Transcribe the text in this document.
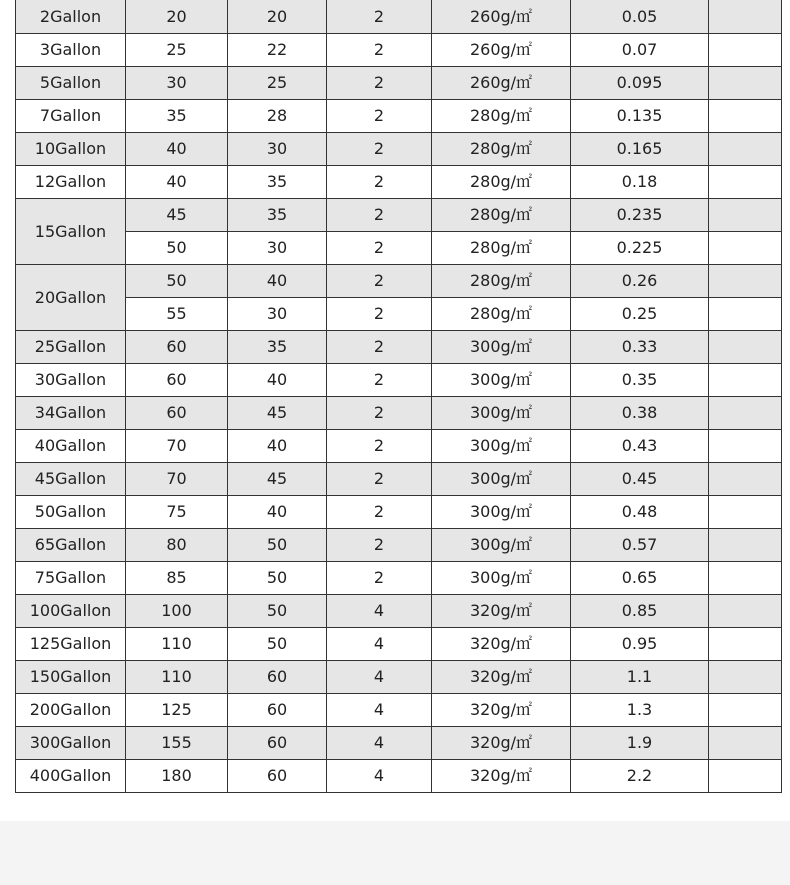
2Gallon	20	20	2	260g/㎡	0.05	
3Gallon	25	22	2	260g/㎡	0.07	
5Gallon	30	25	2	260g/㎡	0.095	
7Gallon	35	28	2	280g/㎡	0.135	
10Gallon	40	30	2	280g/㎡	0.165	
12Gallon	40	35	2	280g/㎡	0.18	
15Gallon	45	35	2	280g/㎡	0.235	
	50	30	2	280g/㎡	0.225	
20Gallon	50	40	2	280g/㎡	0.26	
	55	30	2	280g/㎡	0.25	
25Gallon	60	35	2	300g/㎡	0.33	
30Gallon	60	40	2	300g/㎡	0.35	
34Gallon	60	45	2	300g/㎡	0.38	
40Gallon	70	40	2	300g/㎡	0.43	
45Gallon	70	45	2	300g/㎡	0.45	
50Gallon	75	40	2	300g/㎡	0.48	
65Gallon	80	50	2	300g/㎡	0.57	
75Gallon	85	50	2	300g/㎡	0.65	
100Gallon	100	50	4	320g/㎡	0.85	
125Gallon	110	50	4	320g/㎡	0.95	
150Gallon	110	60	4	320g/㎡	1.1	
200Gallon	125	60	4	320g/㎡	1.3	
300Gallon	155	60	4	320g/㎡	1.9	
400Gallon	180	60	4	320g/㎡	2.2	
